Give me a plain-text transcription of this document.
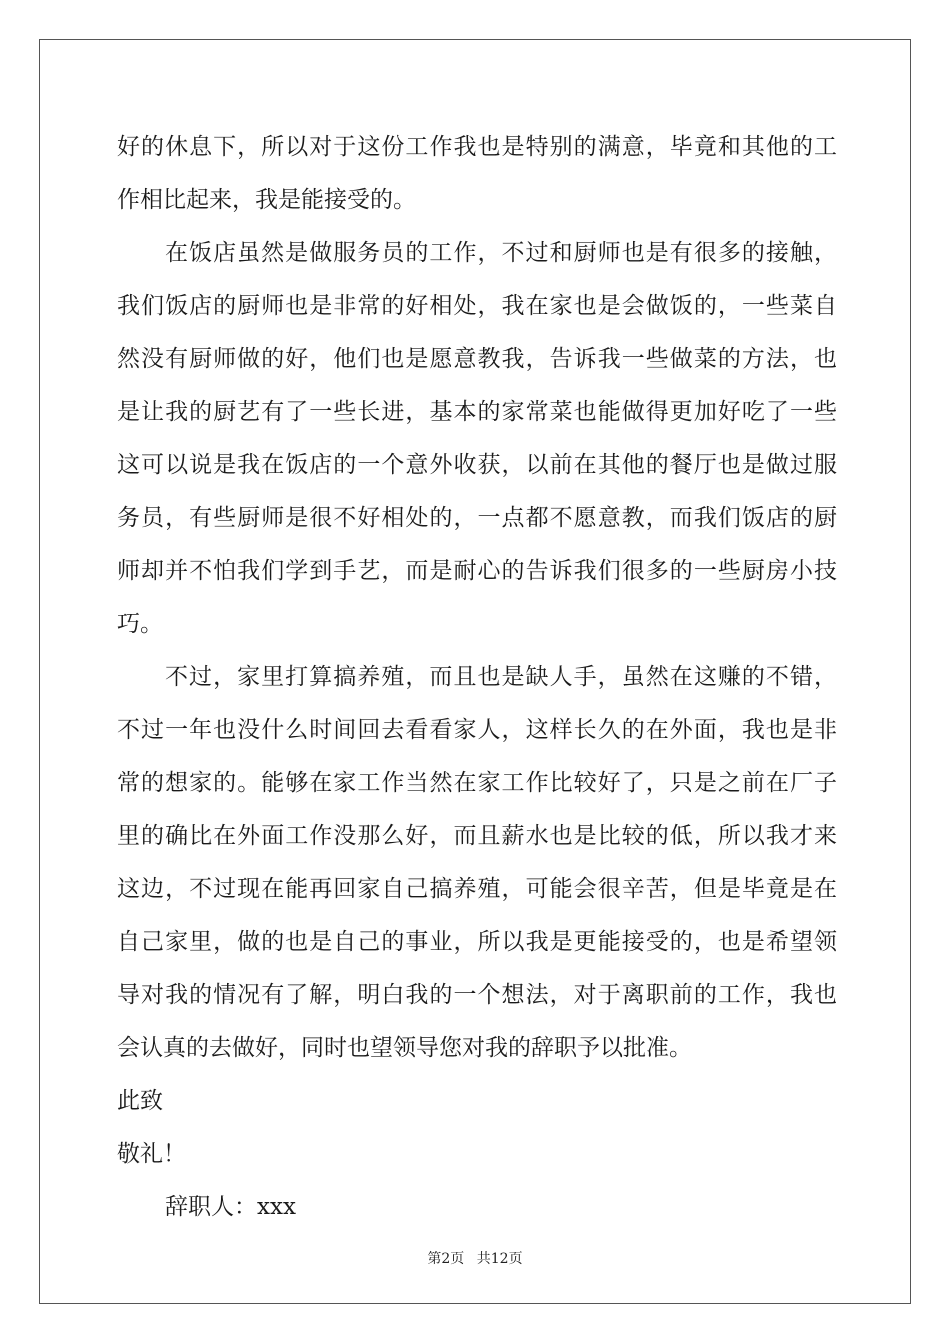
好的休息下，所以对于这份工作我也是特别的满意，毕竟和其他的工
作相比起来，我是能接受的。
在饭店虽然是做服务员的工作，不过和厨师也是有很多的接触，
我们饭店的厨师也是非常的好相处，我在家也是会做饭的，一些菜自
然没有厨师做的好，他们也是愿意教我，告诉我一些做菜的方法，也
是让我的厨艺有了一些长进，基本的家常菜也能做得更加好吃了一些
这可以说是我在饭店的一个意外收获，以前在其他的餐厅也是做过服
务员，有些厨师是很不好相处的，一点都不愿意教，而我们饭店的厨
师却并不怕我们学到手艺，而是耐心的告诉我们很多的一些厨房小技
巧。
不过，家里打算搞养殖，而且也是缺人手，虽然在这赚的不错，
不过一年也没什么时间回去看看家人，这样长久的在外面，我也是非
常的想家的。能够在家工作当然在家工作比较好了，只是之前在厂子
里的确比在外面工作没那么好，而且薪水也是比较的低，所以我才来
这边，不过现在能再回家自己搞养殖，可能会很辛苦，但是毕竟是在
自己家里，做的也是自己的事业，所以我是更能接受的，也是希望领
导对我的情况有了解，明白我的一个想法，对于离职前的工作，我也
会认真的去做好，同时也望领导您对我的辞职予以批准。
此致
敬礼！
辞职人：xxx
第2页 共12页
